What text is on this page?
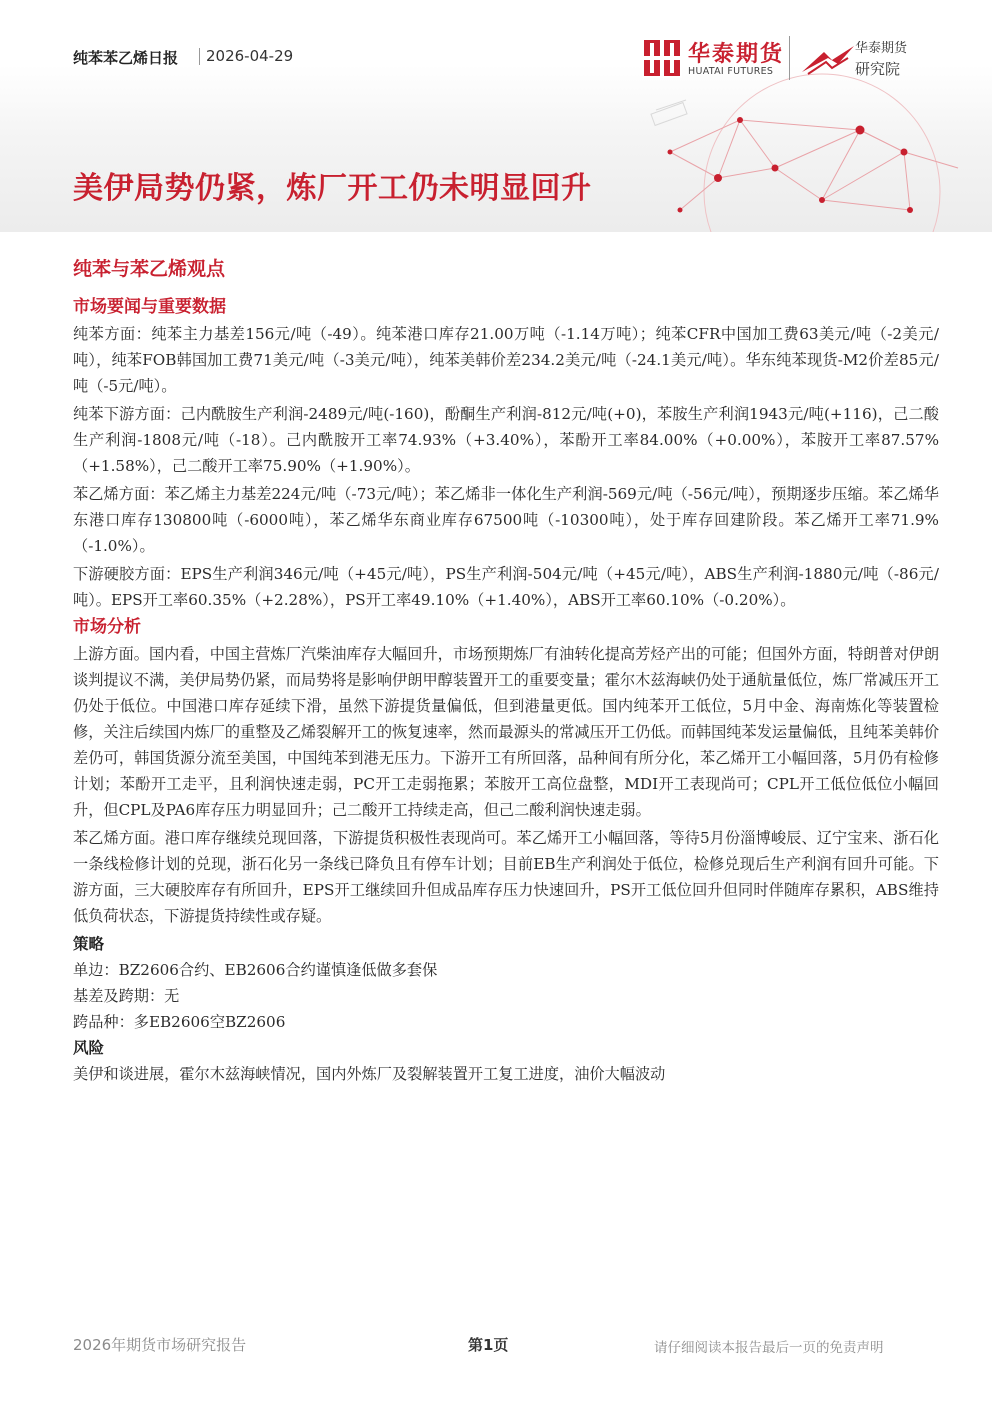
纯苯苯乙烯日报 2026-04-29	华泰期货
HUATAI FUTURES
华泰期货
研究院
美伊局势仍紧，炼厂开工仍未明显回升
纯苯与苯乙烯观点
市场要闻与重要数据

纯苯方面：纯苯主力基差156元/吨（-49）。纯苯港口库存21.00万吨（-1.14万吨）；纯苯CFR中国加工费63美元/吨（-2美元/吨），纯苯FOB韩国加工费71美元/吨（-3美元/吨），纯苯美韩价差234.2美元/吨（-24.1美元/吨）。华东纯苯现货-M2价差85元/吨（-5元/吨）。

纯苯下游方面：己内酰胺生产利润-2489元/吨(-160)，酚酮生产利润-812元/吨(+0)，苯胺生产利润1943元/吨(+116)，己二酸生产利润-1808元/吨（-18）。己内酰胺开工率74.93%（+3.40%），苯酚开工率84.00%（+0.00%），苯胺开工率87.57%（+1.58%），己二酸开工率75.90%（+1.90%）。

苯乙烯方面：苯乙烯主力基差224元/吨（-73元/吨）；苯乙烯非一体化生产利润-569元/吨（-56元/吨），预期逐步压缩。苯乙烯华东港口库存130800吨（-6000吨），苯乙烯华东商业库存67500吨（-10300吨），处于库存回建阶段。苯乙烯开工率71.9%（-1.0%）。

下游硬胶方面：EPS生产利润346元/吨（+45元/吨），PS生产利润-504元/吨（+45元/吨），ABS生产利润-1880元/吨（-86元/吨）。EPS开工率60.35%（+2.28%），PS开工率49.10%（+1.40%），ABS开工率60.10%（-0.20%）。

市场分析

上游方面。国内看，中国主营炼厂汽柴油库存大幅回升，市场预期炼厂有油转化提高芳烃产出的可能；但国外方面，特朗普对伊朗谈判提议不满，美伊局势仍紧，而局势将是影响伊朗甲醇装置开工的重要变量；霍尔木兹海峡仍处于通航量低位，炼厂常减压开工仍处于低位。中国港口库存延续下滑，虽然下游提货量偏低，但到港量更低。国内纯苯开工低位，5月中金、海南炼化等装置检修，关注后续国内炼厂的重整及乙烯裂解开工的恢复速率，然而最源头的常减压开工仍低。而韩国纯苯发运量偏低，且纯苯美韩价差仍可，韩国货源分流至美国，中国纯苯到港无压力。下游开工有所回落，品种间有所分化，苯乙烯开工小幅回落，5月仍有检修计划；苯酚开工走平，且利润快速走弱，PC开工走弱拖累；苯胺开工高位盘整，MDI开工表现尚可；CPL开工低位低位小幅回升，但CPL及PA6库存压力明显回升；己二酸开工持续走高，但己二酸利润快速走弱。

苯乙烯方面。港口库存继续兑现回落，下游提货积极性表现尚可。苯乙烯开工小幅回落，等待5月份淄博峻辰、辽宁宝来、浙石化一条线检修计划的兑现，浙石化另一条线已降负且有停车计划；目前EB生产利润处于低位，检修兑现后生产利润有回升可能。下游方面，三大硬胶库存有所回升，EPS开工继续回升但成品库存压力快速回升，PS开工低位回升但同时伴随库存累积，ABS维持低负荷状态，下游提货持续性或存疑。

策略
单边：BZ2606合约、EB2606合约谨慎逢低做多套保
基差及跨期：无
跨品种：多EB2606空BZ2606
风险
美伊和谈进展，霍尔木兹海峡情况，国内外炼厂及裂解装置开工复工进度，油价大幅波动
2026年期货市场研究报告	第1页	请仔细阅读本报告最后一页的免责声明
